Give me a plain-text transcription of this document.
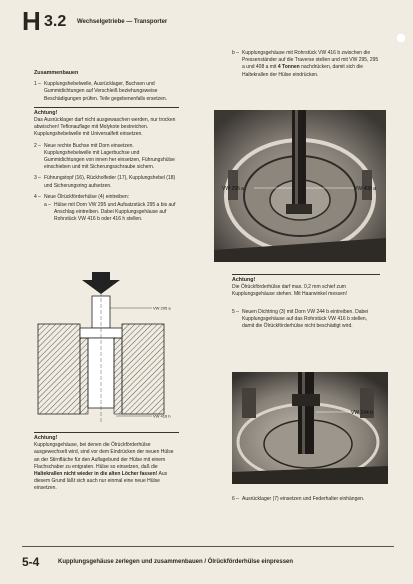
H 3.2 Wechselgetriebe — Transporter

Zusammenbauen

1 – Kupplungshebelwelle, Ausrücklager, Buchsen und Gummidichtungen auf Verschleiß beziehungsweise Beschädigungen prüfen. Teile gegebenenfalls ersetzen.

Achtung!

Das Ausrücklager darf nicht ausgewaschen werden, nur trocken abwischen! Teflonauflage mit Molykote bestreichen. Kupplungshebelwelle mit Universalfett einsetzen.

2 – Neue rechte Buchse mit Dorn einsetzen. Kupplungshebelwelle mit Lagerbuchse und Gummidichtungen von innen her einsetzen, Führungshülse einschieben und mit Sicherungsschraube sichern.

3 – Führungstopf (16), Rückholfeder (17), Kupplungshebel (18) und Sicherungsring aufsetzen.

4 – Neue Ölrückförderhülse (4) eintreiben:

a – Hülse mit Dorn VW 295 und Aufsatzstück 295 a bis auf Anschlag eintreiben. Dabei Kupplungsgehäuse auf Rohrstück VW 416 b oder 416 h stellen.

VW 295 a
VW 416 b

Achtung!

Kupplungsgehäuse, bei denen die Ölrückförderhülse ausgewechselt wird, sind vor dem Eindrücken der neuen Hülse an der Stirnfläche für den Auflagebund der Hülse mit einem Flachschaber zu entgraten. Hülse so einsetzen, daß die Haltekrallen nicht wieder in die alten Löcher fassen! Aus diesem Grund läßt sich auch nur einmal eine neue Hülse einsetzen.

b – Kupplungsgehäuse mit Rohrstück VW 416 b zwischen die Pressenständer auf die Traverse stellen und mit VW 295, 295 a und 408 a mit 4 Tonnen nachdrücken, damit sich die Haltekrallen der Hülse eindrücken.

VW 295 a	VW 408 a

Achtung!

Die Ölrückförderhülse darf max. 0,2 mm schief zum Kupplungsgehäuse stehen. Mit Haarwinkel messen!

5 – Neuen Dichtring (3) mit Dorn VW 244 b eintreiben. Dabei Kupplungsgehäuse auf das Rohrstück VW 416 b stellen, damit die Ölrückförderhülse nicht beschädigt wird.

VW 244 b

6 – Ausrücklager (7) einsetzen und Federhalter einhängen.

5-4	Kupplungsgehäuse zerlegen und zusammenbauen / Ölrückförderhülse einpressen
